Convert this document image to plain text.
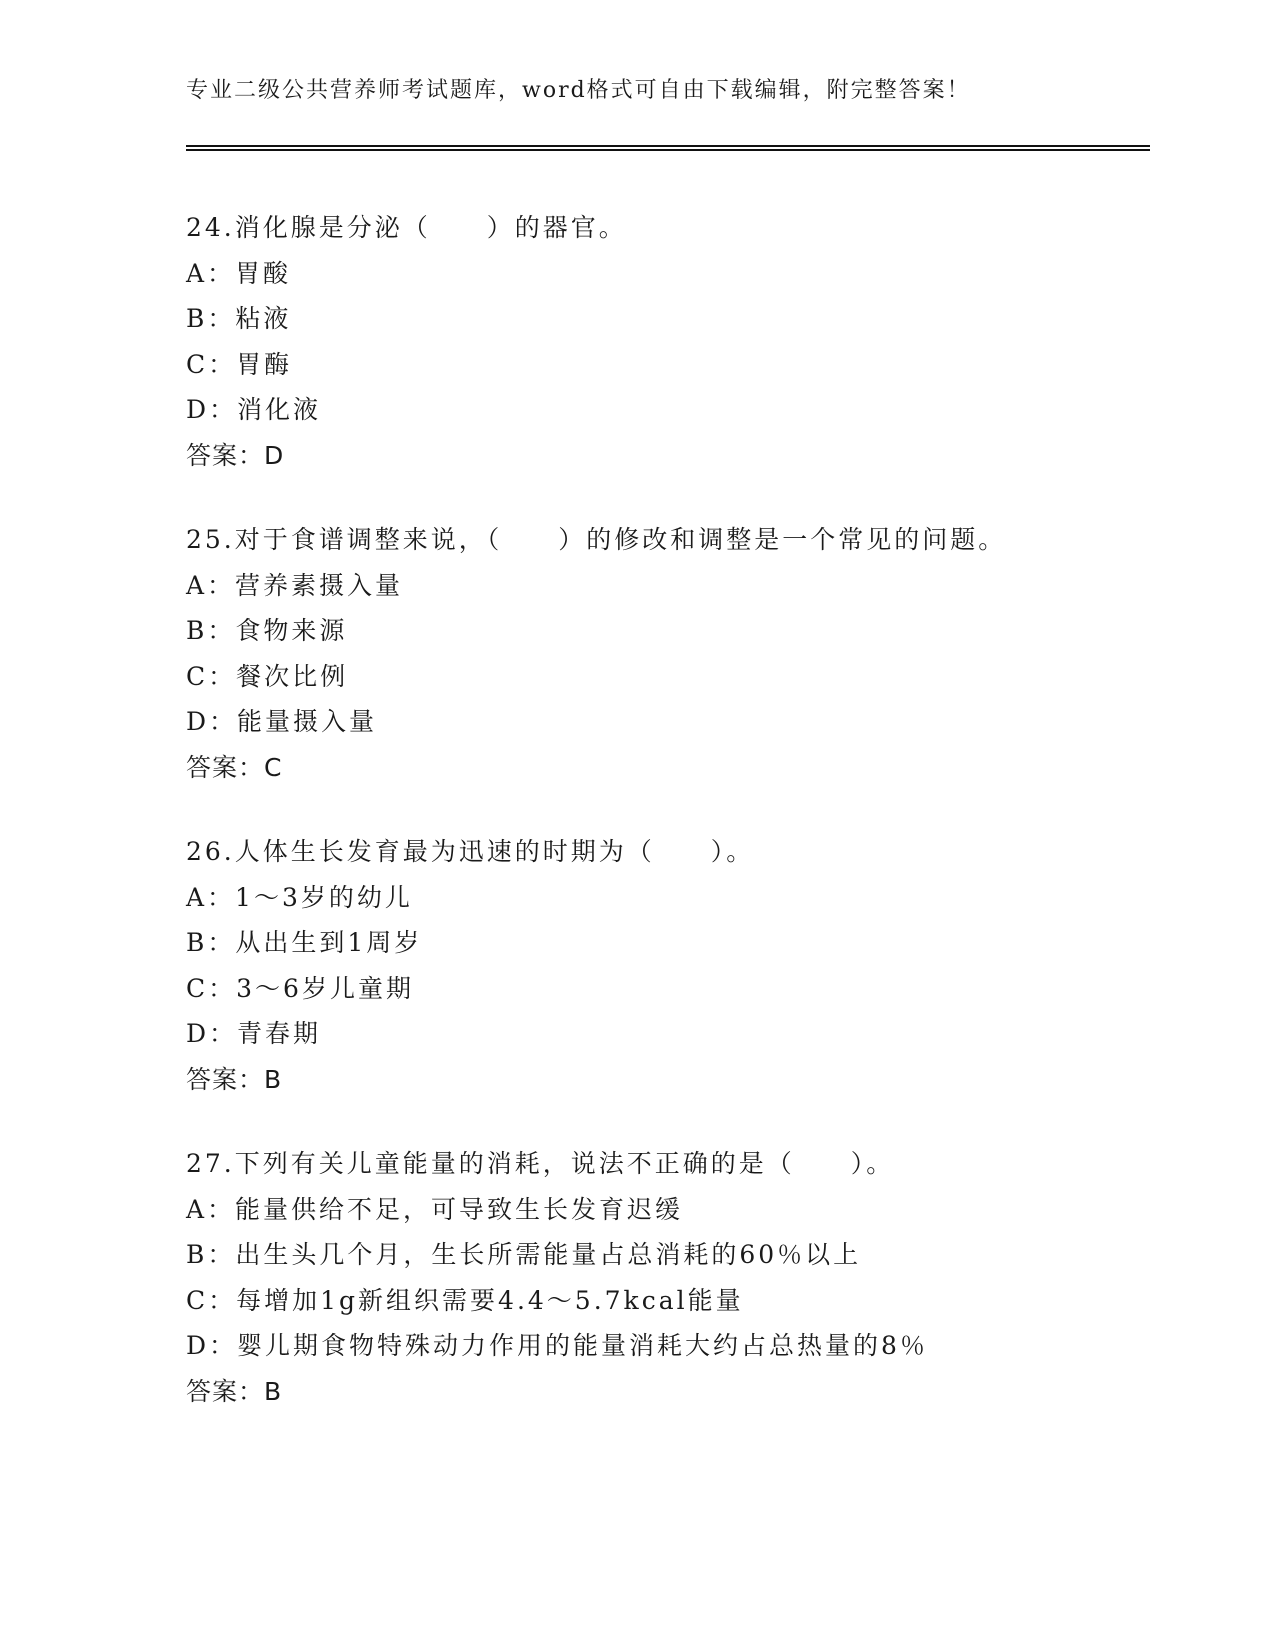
专业二级公共营养师考试题库，word格式可自由下载编辑，附完整答案！
24.消化腺是分泌（　　）的器官。
A：胃酸
B：粘液
C：胃酶
D：消化液
答案：D
25.对于食谱调整来说，（　　）的修改和调整是一个常见的问题。
A：营养素摄入量
B：食物来源
C：餐次比例
D：能量摄入量
答案：C
26.人体生长发育最为迅速的时期为（　　）。
A：1～3岁的幼儿
B：从出生到1周岁
C：3～6岁儿童期
D：青春期
答案：B
27.下列有关儿童能量的消耗，说法不正确的是（　　）。
A：能量供给不足，可导致生长发育迟缓
B：出生头几个月，生长所需能量占总消耗的60％以上
C：每增加1g新组织需要4.4～5.7kcal能量
D：婴儿期食物特殊动力作用的能量消耗大约占总热量的8％
答案：B
